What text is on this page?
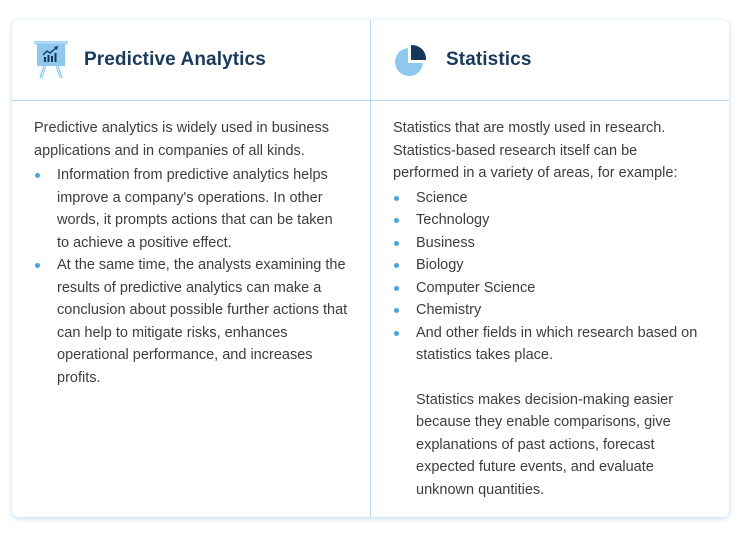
Predictive Analytics

Predictive analytics is widely used in business applications and in companies of all kinds.

Information from predictive analytics helps improve a company's operations. In other words, it prompts actions that can be taken to achieve a positive effect.
At the same time, the analysts examining the results of predictive analytics can make a conclusion about possible further actions that can help to mitigate risks, enhances operational performance, and increases profits.
Statistics

Statistics that are mostly used in research. Statistics-based research itself can be performed in a variety of areas, for example:

Science
Technology
Business
Biology
Computer Science
Chemistry
And other fields in which research based on statistics takes place.

Statistics makes decision-making easier because they enable comparisons, give explanations of past actions, forecast expected future events, and evaluate unknown quantities.
